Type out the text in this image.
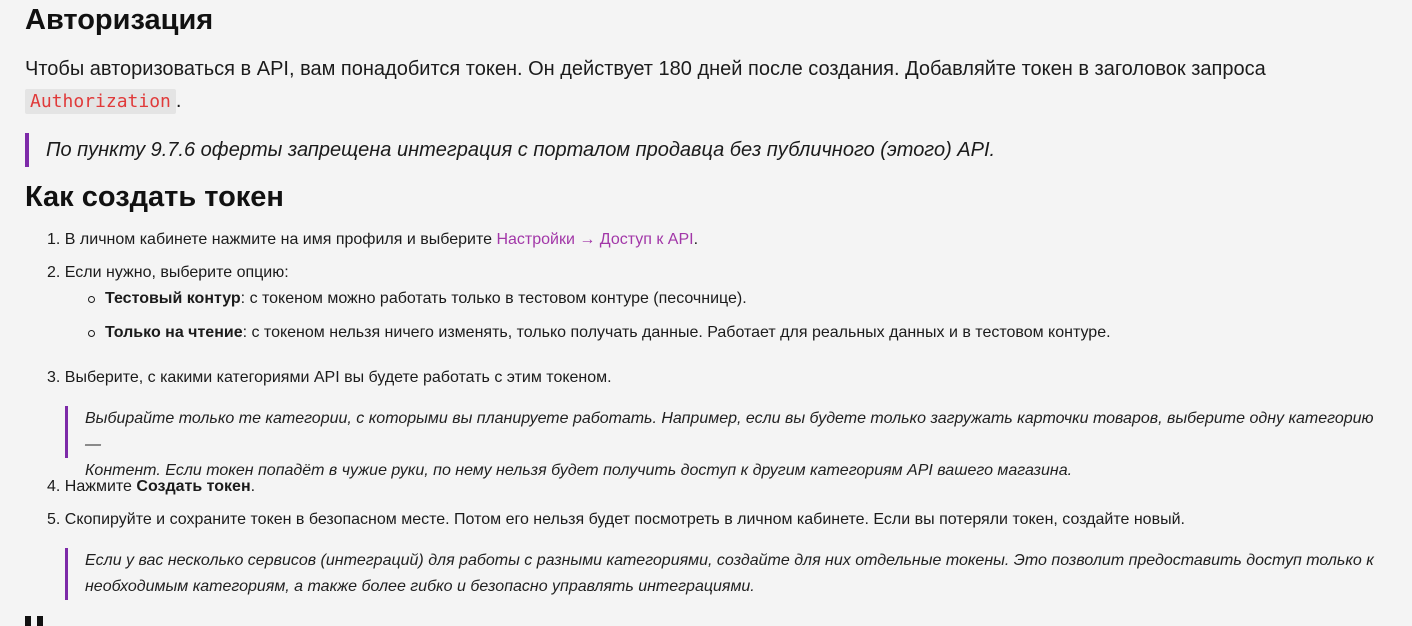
Авторизация

Чтобы авторизоваться в API, вам понадобится токен. Он действует 180 дней после создания. Добавляйте токен в заголовок запроса
Authorization .

По пункту 9.7.6 оферты запрещена интеграция с порталом продавца без публичного (этого) API.

Как создать токен

1. В личном кабинете нажмите на имя профиля и выберите Настройки → Доступ к API.

2. Если нужно, выберите опцию:

Тестовый контур: с токеном можно работать только в тестовом контуре (песочнице).

Только на чтение: с токеном нельзя ничего изменять, только получать данные. Работает для реальных данных и в тестовом контуре.

3. Выберите, с какими категориями API вы будете работать с этим токеном.

Выбирайте только те категории, с которыми вы планируете работать. Например, если вы будете только загружать карточки товаров, выберите одну категорию —
Контент. Если токен попадёт в чужие руки, по нему нельзя будет получить доступ к другим категориям API вашего магазина.

4. Нажмите Создать токен.

5. Скопируйте и сохраните токен в безопасном месте. Потом его нельзя будет посмотреть в личном кабинете. Если вы потеряли токен, создайте новый.

Если у вас несколько сервисов (интеграций) для работы с разными категориями, создайте для них отдельные токены. Это позволит предоставить доступ только к
необходимым категориям, а также более гибко и безопасно управлять интеграциями.
